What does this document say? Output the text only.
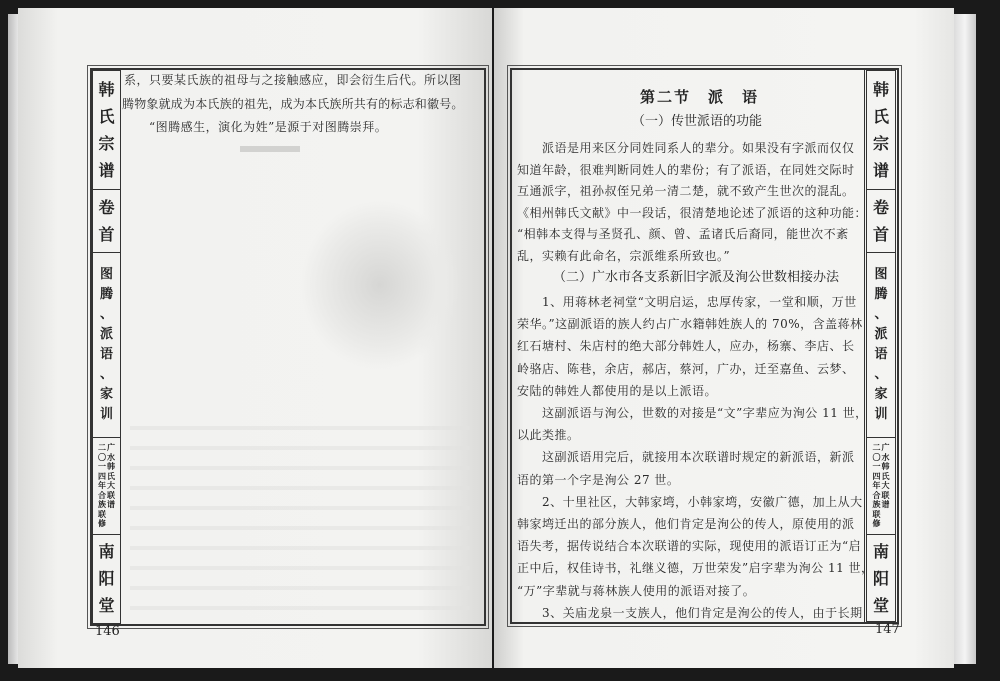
韩
氏
宗
谱
卷
首
图
腾
、
派
语
、
家
训
广
水
韩
氏
大
联
谱
二
〇
一
四
年
合
族
联
修
南
阳
堂
系，只要某氏族的祖母与之接触感应，即会衍生后代。所以图
腾物象就成为本氏族的祖先，成为本氏族所共有的标志和徽号。
　　“图腾感生，演化为姓”是源于对图腾崇拜。
146
韩
氏
宗
谱
卷
首
图
腾
、
派
语
、
家
训
广
水
韩
氏
大
联
谱
二
〇
一
四
年
合
族
联
修
南
阳
堂
第二节　派　语
（一）传世派语的功能
（二）广水市各支系新旧字派及洵公世数相接办法
　　派语是用来区分同姓同系人的辈分。如果没有字派而仅仅
知道年龄，很难判断同姓人的辈份；有了派语，在同姓交际时
互通派字，祖孙叔侄兄弟一清二楚，就不致产生世次的混乱。
《相州韩氏文献》中一段话，很清楚地论述了派语的这种功能：
“相韩本支得与圣贤孔、颜、曾、孟诸氏后裔同，能世次不紊
乱，实赖有此命名，宗派维系所致也。”
　　1、用蒋林老祠堂“文明启运，忠厚传家，一堂和顺，万世
荣华。”这副派语的族人约占广水籍韩姓族人的 70%，含盖蒋林
红石塘村、朱店村的绝大部分韩姓人，应办，杨寨、李店、长
岭骆店、陈巷，余店，郝店，蔡河，广办，迁至嘉鱼、云梦、
安陆的韩姓人都使用的是以上派语。
　　这副派语与洵公，世数的对接是“文”字辈应为洵公 11 世，
以此类推。
　　这副派语用完后，就接用本次联谱时规定的新派语，新派
语的第一个字是洵公 27 世。
　　2、十里社区，大韩家塆，小韩家塆，安徽广德，加上从大
韩家塆迁出的部分族人，他们肯定是洵公的传人，原使用的派
语失考，据传说结合本次联谱的实际，现使用的派语订正为“启
正中后，权佳诗书，礼继义德，万世荣发”启字辈为洵公 11 世，
“万”字辈就与蒋林族人使用的派语对接了。
　　3、关庙龙泉一支族人，他们肯定是洵公的传人，由于长期
147
